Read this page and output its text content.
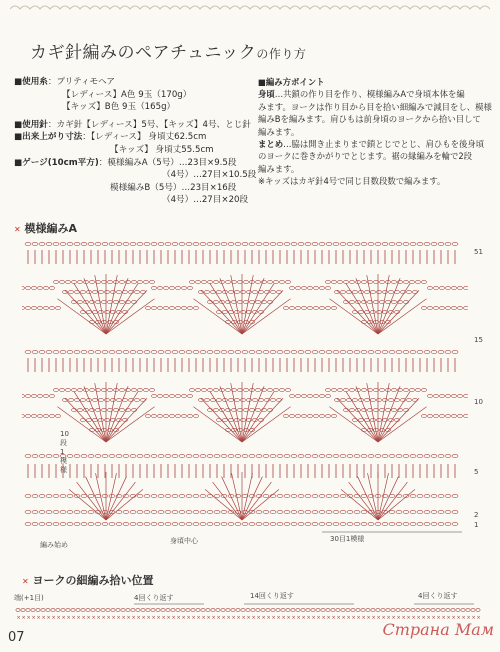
カギ針編みのペアチュニックの作り方
■使用糸：プリティモヘア
【レディース】A色 9玉（170g）
【キッズ】B色 9玉（165g）
■使用針：カギ針【レディース】5号、【キッズ】4号、とじ針
■出来上がり寸法：【レディース】 身頃丈62.5cm
【キッズ】 身頃丈55.5cm
■ゲージ(10cm平方)：模様編みA（5号）…23目×9.5段
（4号）…27目×10.5段
模様編みB（5号）…23目×16段
（4号）…27目×20段
■編み方ポイント
身頃…共鎖の作り目を作り、模様編みAで身頃本体を編
みます。ヨークは作り目から目を拾い細編みで減目をし、模様
編みBを編みます。肩ひもは前身頃のヨークから拾い目して
編みます。
まとめ…脇は開き止まりまで鎖とじでとじ、肩ひもを後身頃
のヨークに巻きかがりでとじます。裾の縁編みを輪で2段
編みます。
※キッズはカギ針4号で同じ目数段数で編みます。
✕ 模様編みA
51
15
10
5
2
1
10段1模様
編み始め	身頃中心	30目1模様
✕ ヨークの細編み拾い位置
端(+1目)	4回くり返す	14回くり返す	4回くり返す
× × × × × × × × × × × × × × × × × × × × × × × × × × × × × × × × × × × × × × × × × × × × × × × × × × × × × × × × × × × × × × × × × × × × × × × × × × × × × × × × × × × × × × × × × × × × ×
07	Страна Мам
